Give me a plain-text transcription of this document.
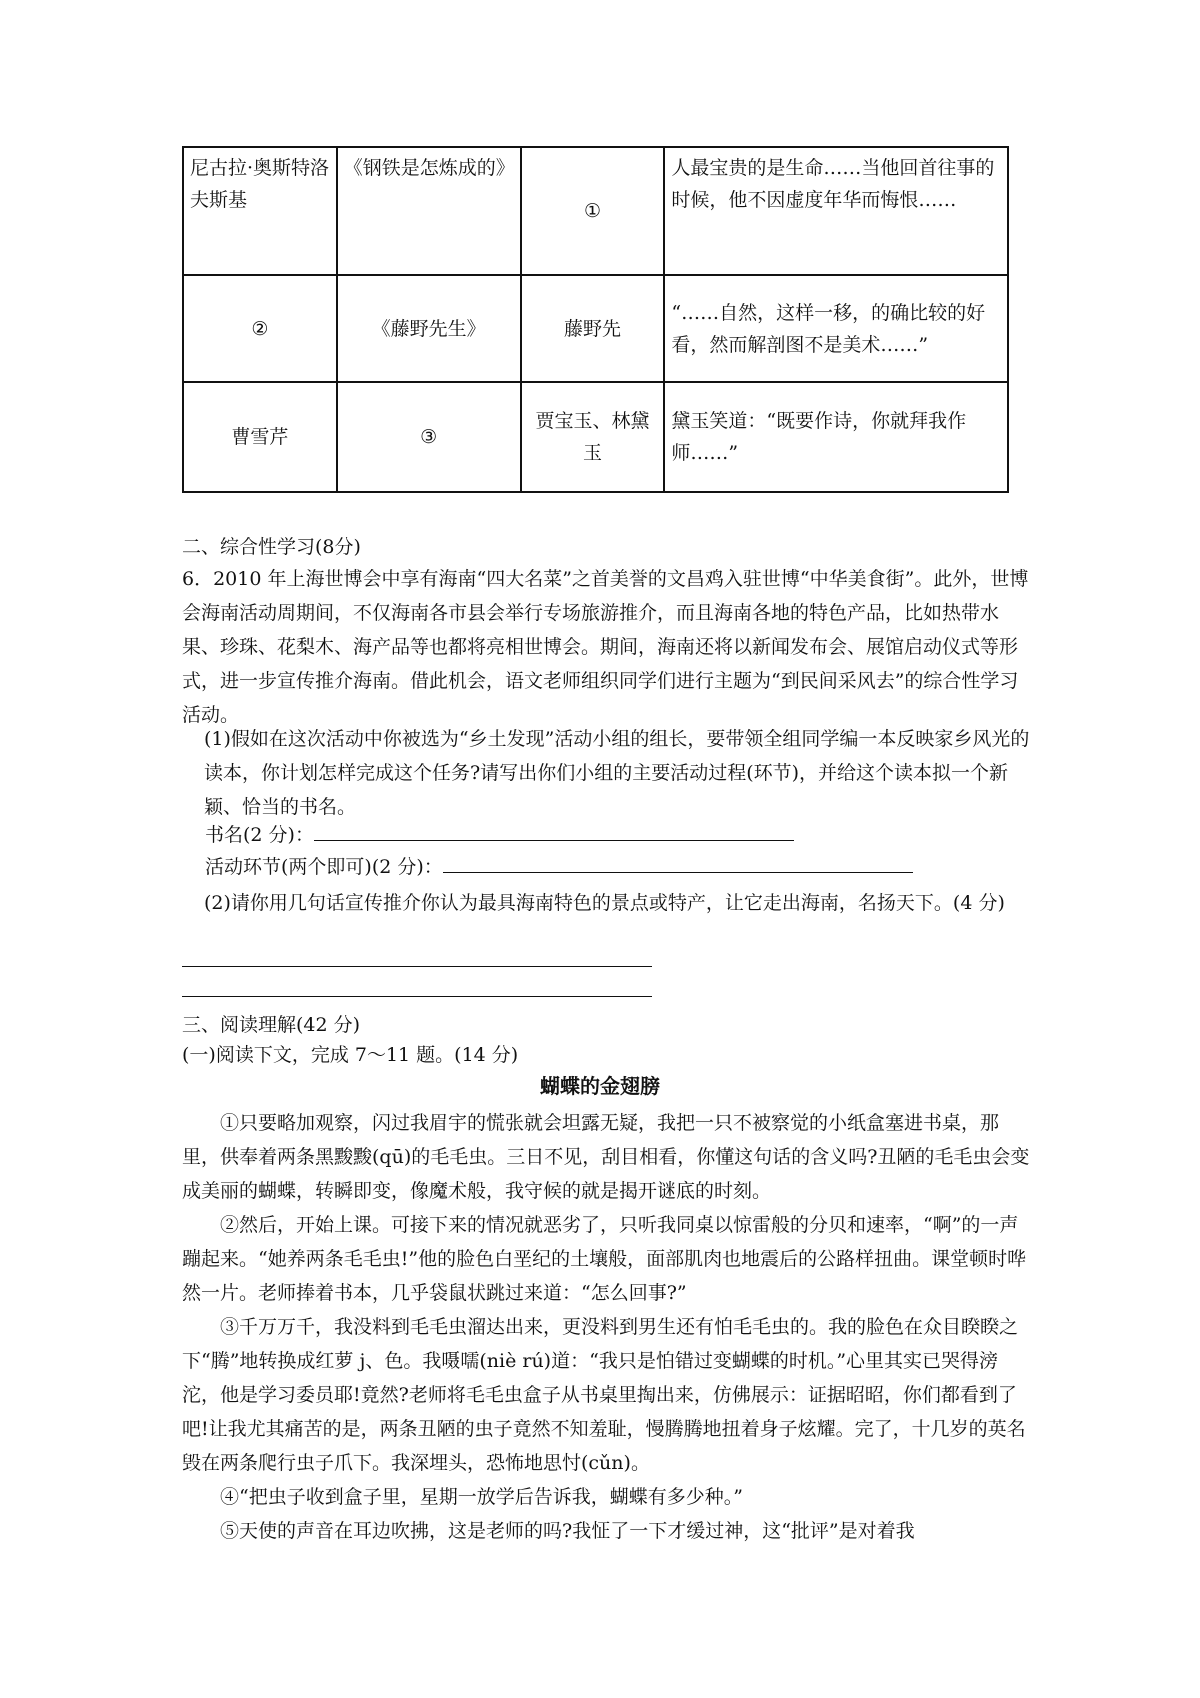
尼古拉·奥斯特洛夫斯基	《钢铁是怎炼成的》	①	人最宝贵的是生命……当他回首往事的时候，他不因虚度年华而悔恨……
②	《藤野先生》	藤野先	“……自然，这样一移，的确比较的好看，然而解剖图不是美术……”
曹雪芹	③	贾宝玉、林黛玉	黛玉笑道：“既要作诗，你就拜我作师……”
二、综合性学习(8分)
6．2010 年上海世博会中享有海南“四大名菜”之首美誉的文昌鸡入驻世博“中华美食街”。此外，世博会海南活动周期间，不仅海南各市县会举行专场旅游推介，而且海南各地的特色产品，比如热带水果、珍珠、花梨木、海产品等也都将亮相世博会。期间，海南还将以新闻发布会、展馆启动仪式等形式，进一步宣传推介海南。借此机会，语文老师组织同学们进行主题为“到民间采风去”的综合性学习活动。
(1)假如在这次活动中你被选为“乡土发现”活动小组的组长，要带领全组同学编一本反映家乡风光的读本，你计划怎样完成这个任务?请写出你们小组的主要活动过程(环节)，并给这个读本拟一个新颖、恰当的书名。
书名(2 分)：
活动环节(两个即可)(2 分)：
(2)请你用几句话宣传推介你认为最具海南特色的景点或特产，让它走出海南，名扬天下。(4 分)
三、阅读理解(42 分)
(一)阅读下文，完成 7～11 题。(14 分)
蝴蝶的金翅膀

①只要略加观察，闪过我眉宇的慌张就会坦露无疑，我把一只不被察觉的小纸盒塞进书桌，那里，供奉着两条黑黢黢(qū)的毛毛虫。三日不见，刮目相看，你懂这句话的含义吗?丑陋的毛毛虫会变成美丽的蝴蝶，转瞬即变，像魔术般，我守候的就是揭开谜底的时刻。

②然后，开始上课。可接下来的情况就恶劣了，只听我同桌以惊雷般的分贝和速率，“啊”的一声蹦起来。“她养两条毛毛虫!”他的脸色白垩纪的土壤般，面部肌肉也地震后的公路样扭曲。课堂顿时哗然一片。老师捧着书本，几乎袋鼠状跳过来道：“怎么回事?”

③千万万千，我没料到毛毛虫溜达出来，更没料到男生还有怕毛毛虫的。我的脸色在众目睽睽之下“腾”地转换成红萝 j、色。我嗫嚅(niè rú)道：“我只是怕错过变蝴蝶的时机。”心里其实已哭得滂沱，他是学习委员耶!竟然?老师将毛毛虫盒子从书桌里掏出来，仿佛展示：证据昭昭，你们都看到了吧!让我尤其痛苦的是，两条丑陋的虫子竟然不知羞耻，慢腾腾地扭着身子炫耀。完了，十几岁的英名毁在两条爬行虫子爪下。我深埋头，恐怖地思忖(cǔn)。

④“把虫子收到盒子里，星期一放学后告诉我，蝴蝶有多少种。”

⑤天使的声音在耳边吹拂，这是老师的吗?我怔了一下才缓过神，这“批评”是对着我
